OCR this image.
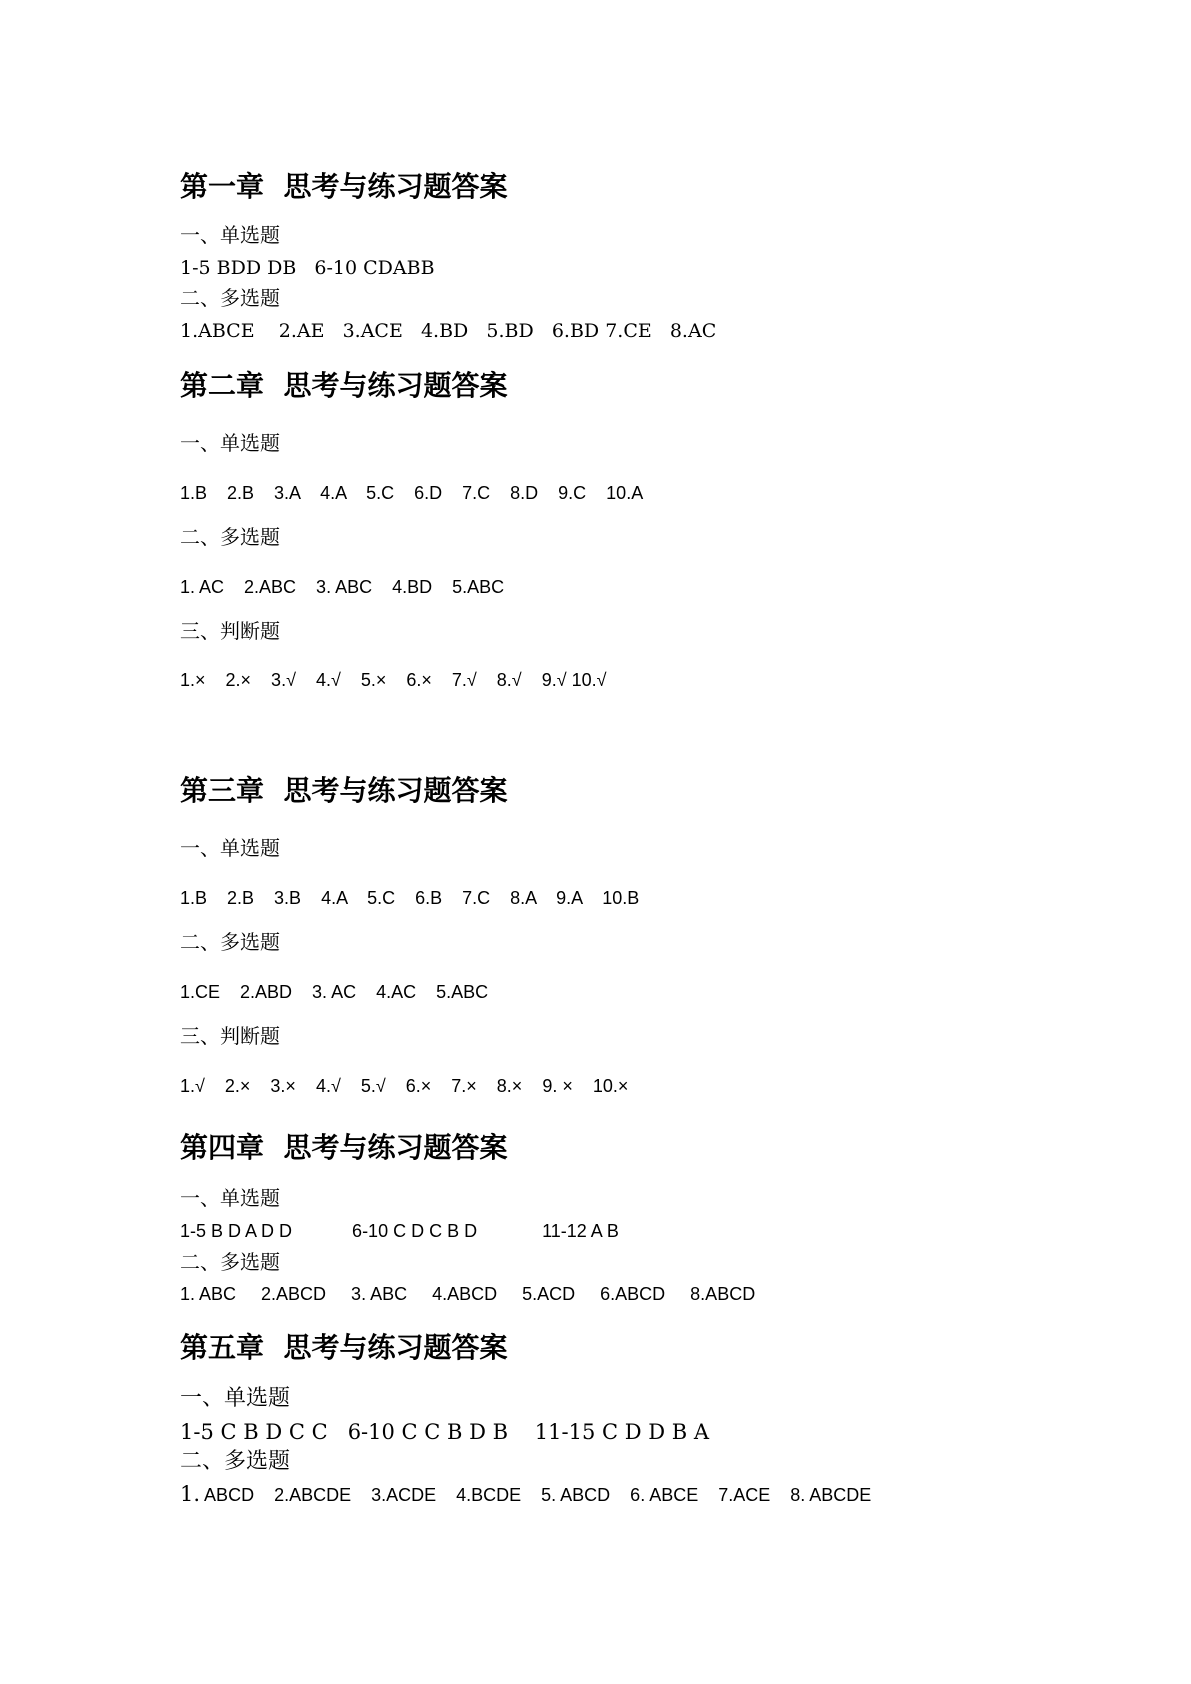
第一章  思考与练习题答案
一、单选题
1-5 BDD DB   6-10 CDABB
二、多选题
1.ABCE    2.AE   3.ACE   4.BD   5.BD   6.BD 7.CE   8.AC
第二章  思考与练习题答案
一、单选题
1.B    2.B    3.A    4.A    5.C    6.D    7.C    8.D    9.C    10.A
二、多选题
1. AC    2.ABC    3. ABC    4.BD    5.ABC
三、判断题
1.×    2.×    3.√    4.√    5.×    6.×    7.√    8.√    9.√ 10.√
第三章  思考与练习题答案
一、单选题
1.B    2.B    3.B    4.A    5.C    6.B    7.C    8.A    9.A    10.B
二、多选题
1.CE    2.ABD    3. AC    4.AC    5.ABC
三、判断题
1.√    2.×    3.×    4.√    5.√    6.×    7.×    8.×    9. ×    10.×
第四章  思考与练习题答案
一、单选题
1-5 B D A D D            6-10 C D C B D             11-12 A B
二、多选题
1. ABC     2.ABCD     3. ABC     4.ABCD     5.ACD     6.ABCD     8.ABCD
第五章  思考与练习题答案
一、单选题
1-5 C B D C C   6-10 C C B D B    11-15 C D D B A
二、多选题
1. ABCD    2.ABCDE    3.ACDE    4.BCDE    5. ABCD    6. ABCE    7.ACE    8. ABCDE
